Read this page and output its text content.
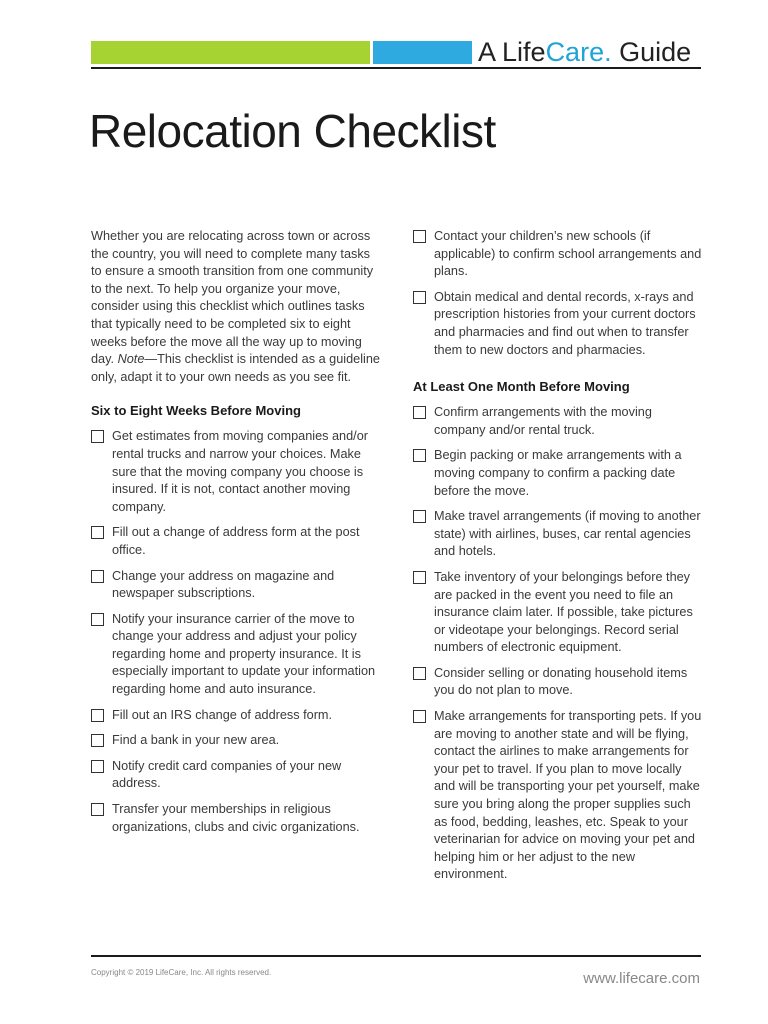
A LifeCare. Guide
Relocation Checklist

Whether you are relocating across town or across the country, you will need to complete many tasks to ensure a smooth transition from one community to the next. To help you organize your move, consider using this checklist which outlines tasks that typically need to be completed six to eight weeks before the move all the way up to moving day. Note—This checklist is intended as a guideline only, adapt it to your own needs as you see fit.

Six to Eight Weeks Before Moving
Get estimates from moving companies and/or rental trucks and narrow your choices. Make sure that the moving company you choose is insured. If it is not, contact another moving company.
Fill out a change of address form at the post office.
Change your address on magazine and newspaper subscriptions.
Notify your insurance carrier of the move to change your address and adjust your policy regarding home and property insurance. It is especially important to update your information regarding home and auto insurance.
Fill out an IRS change of address form.
Find a bank in your new area.
Notify credit card companies of your new address.
Transfer your memberships in religious organizations, clubs and civic organizations.
Contact your children’s new schools (if applicable) to confirm school arrangements and plans.
Obtain medical and dental records, x-rays and prescription histories from your current doctors and pharmacies and find out when to transfer them to new doctors and pharmacies.
At Least One Month Before Moving
Confirm arrangements with the moving company and/or rental truck.
Begin packing or make arrangements with a moving company to confirm a packing date before the move.
Make travel arrangements (if moving to another state) with airlines, buses, car rental agencies and hotels.
Take inventory of your belongings before they are packed in the event you need to file an insurance claim later. If possible, take pictures or videotape your belongings. Record serial numbers of electronic equipment.
Consider selling or donating household items you do not plan to move.
Make arrangements for transporting pets. If you are moving to another state and will be flying, contact the airlines to make arrangements for your pet to travel. If you plan to move locally and will be transporting your pet yourself, make sure you bring along the proper supplies such as food, bedding, leashes, etc. Speak to your veterinarian for advice on moving your pet and helping him or her adjust to the new environment.
Copyright © 2019 LifeCare, Inc. All rights reserved.	www.lifecare.com
